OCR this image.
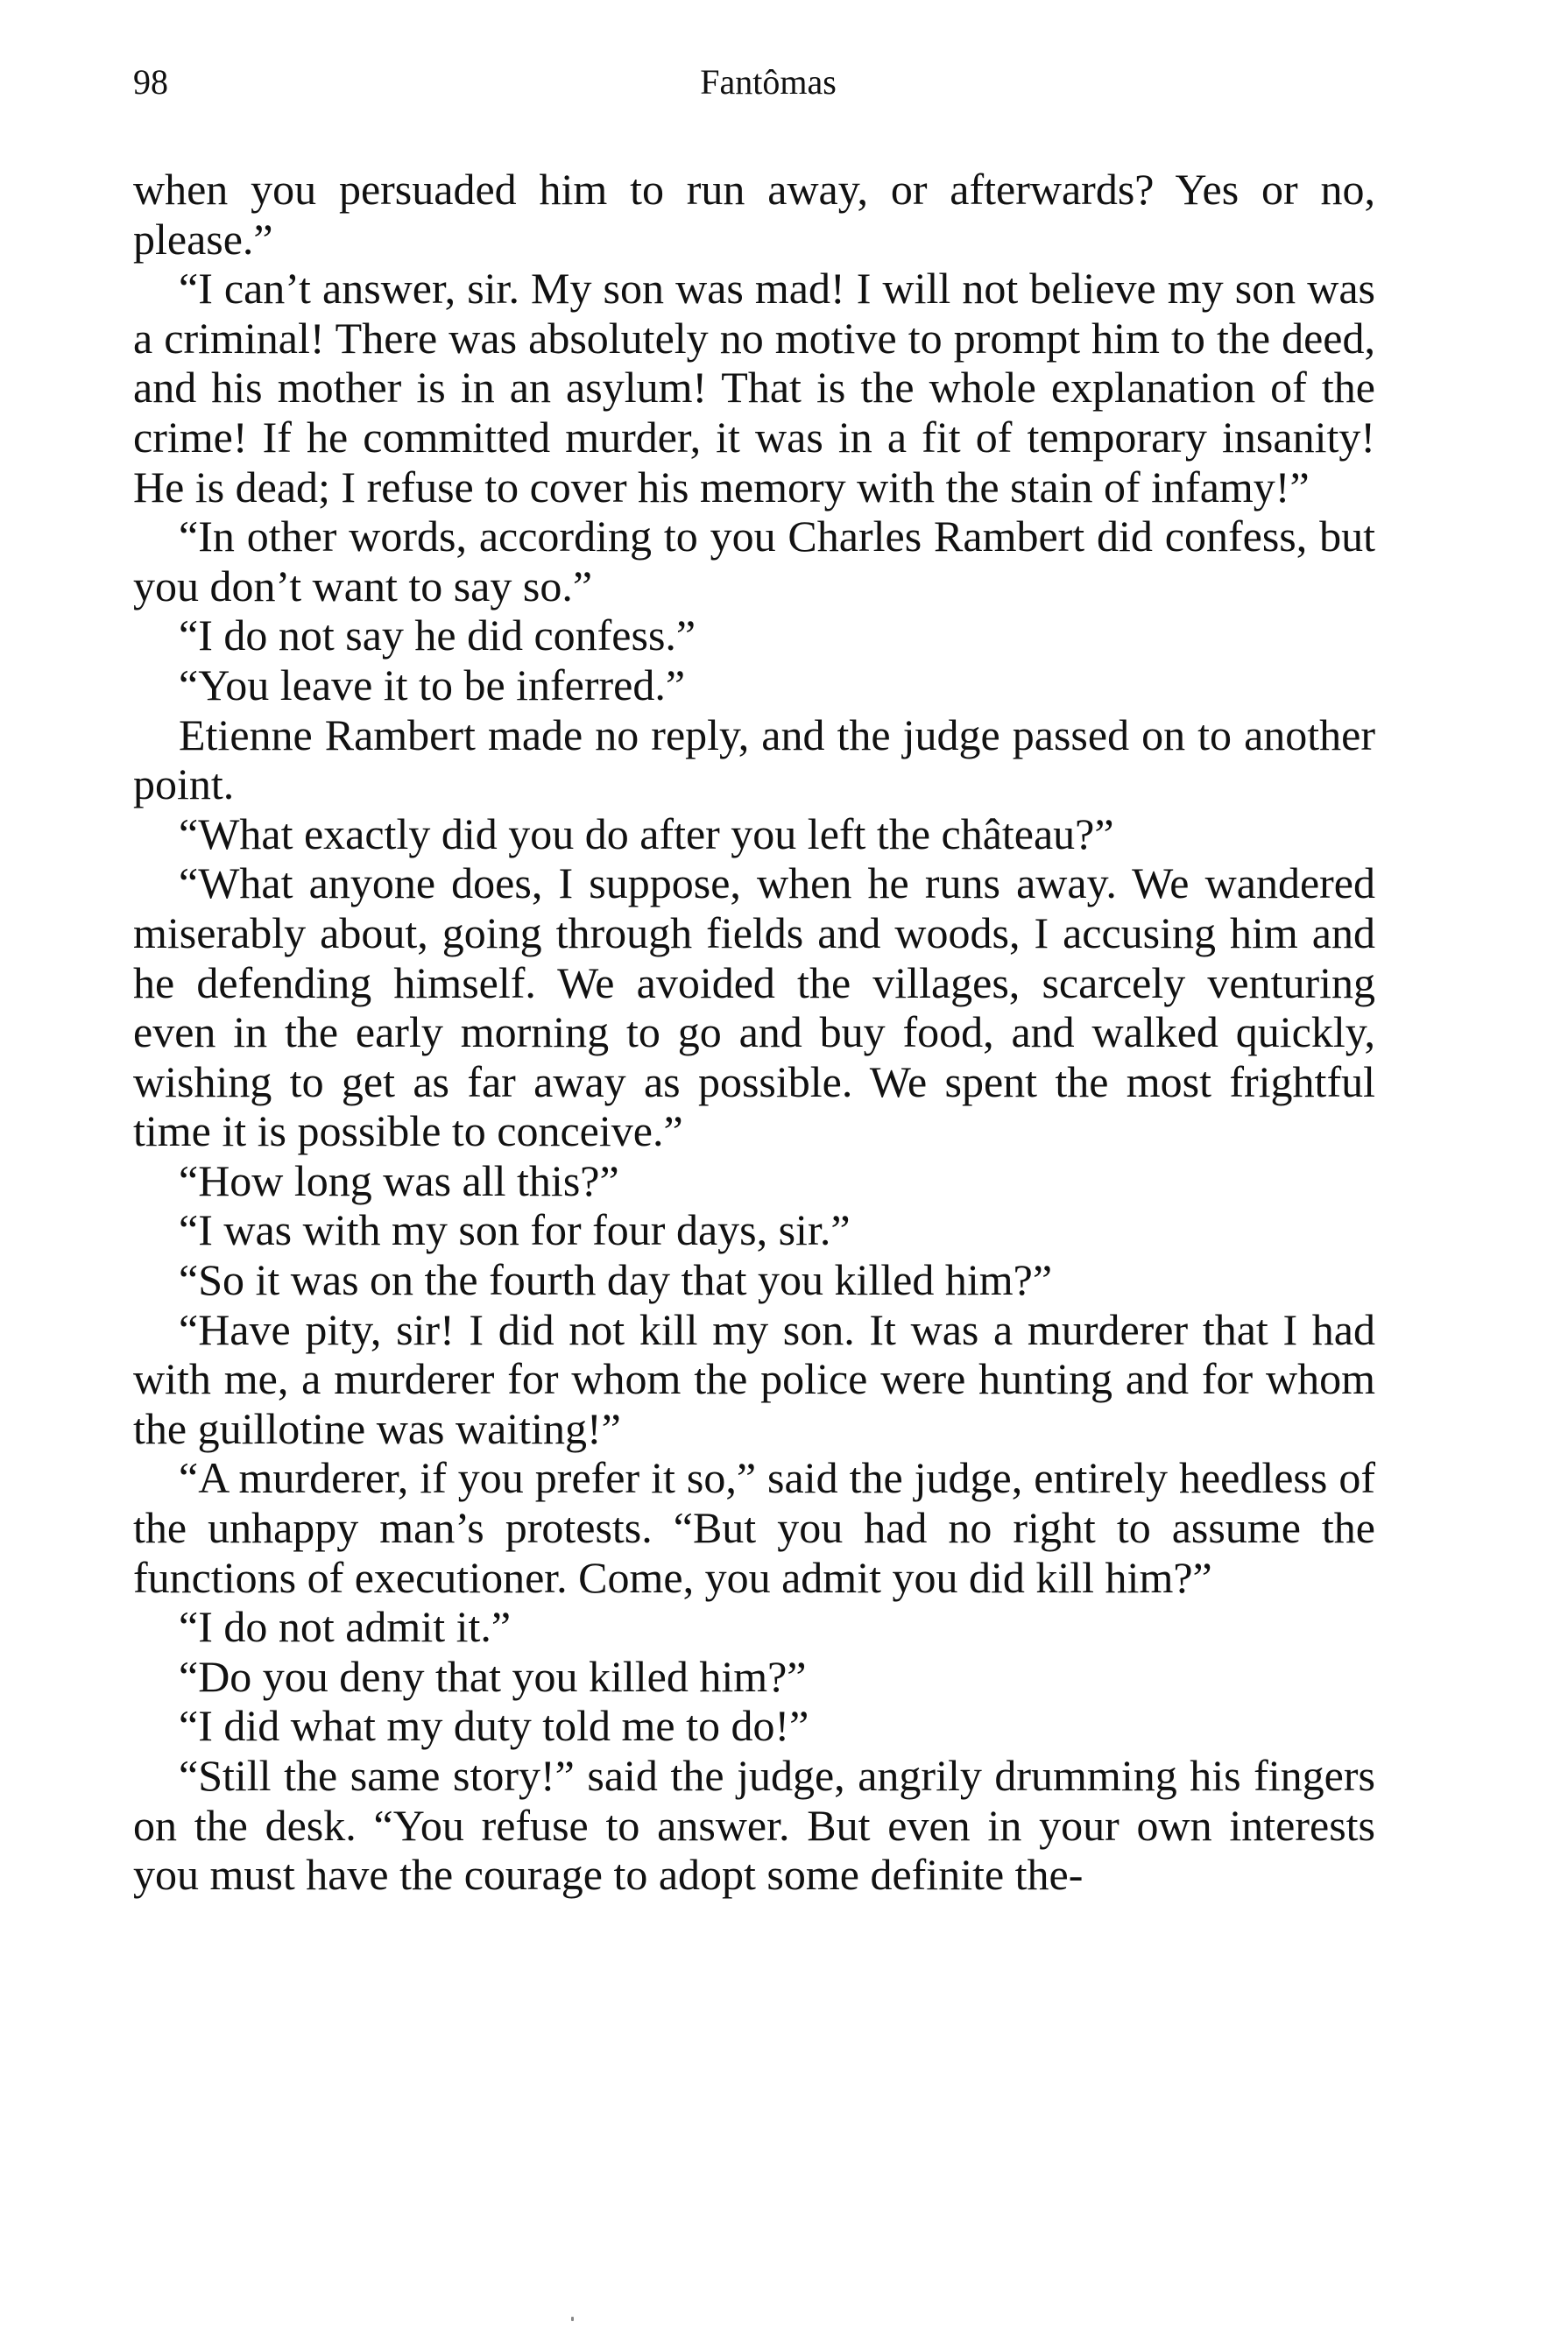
98	Fantômas

when you persuaded him to run away, or afterwards? Yes or no, please.”

“I can’t answer, sir. My son was mad! I will not believe my son was a criminal! There was absolutely no motive to prompt him to the deed, and his mother is in an asylum! That is the whole explanation of the crime! If he committed murder, it was in a fit of temporary insanity! He is dead; I refuse to cover his memory with the stain of infamy!”

“In other words, according to you Charles Rambert did confess, but you don’t want to say so.”

“I do not say he did confess.”

“You leave it to be inferred.”

Etienne Rambert made no reply, and the judge passed on to another point.

“What exactly did you do after you left the château?”

“What anyone does, I suppose, when he runs away. We wandered miserably about, going through fields and woods, I accusing him and he defending himself. We avoided the villages, scarcely venturing even in the early morning to go and buy food, and walked quickly, wishing to get as far away as possible. We spent the most frightful time it is possible to conceive.”

“How long was all this?”

“I was with my son for four days, sir.”

“So it was on the fourth day that you killed him?”

“Have pity, sir! I did not kill my son. It was a murderer that I had with me, a murderer for whom the police were hunting and for whom the guillotine was waiting!”

“A murderer, if you prefer it so,” said the judge, entirely heedless of the unhappy man’s protests. “But you had no right to assume the functions of executioner. Come, you admit you did kill him?”

“I do not admit it.”

“Do you deny that you killed him?”

“I did what my duty told me to do!”

“Still the same story!” said the judge, angrily drumming his fingers on the desk. “You refuse to answer. But even in your own interests you must have the courage to adopt some definite the-
